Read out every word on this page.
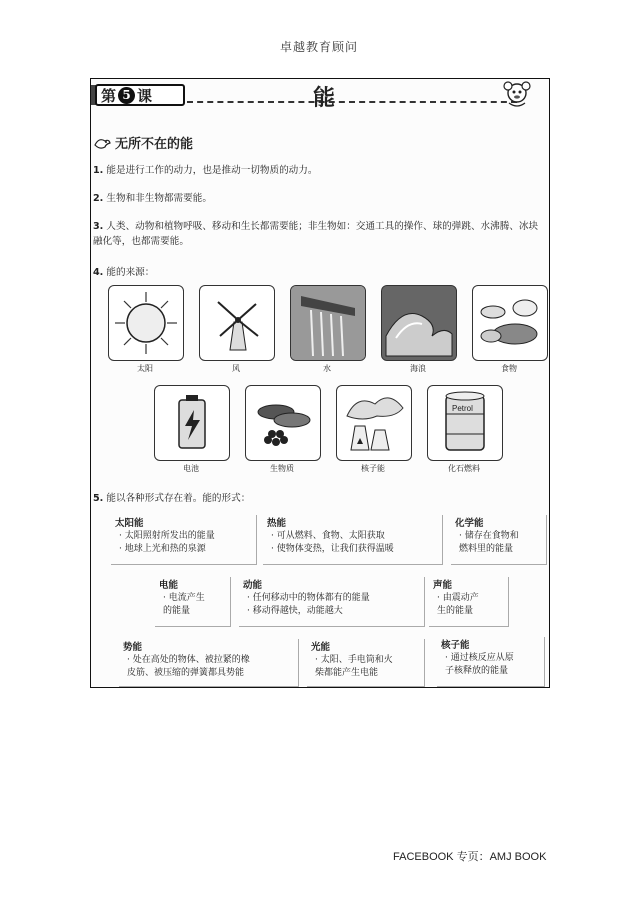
卓越教育顾问
第 5 课	能
无所不在的能
1. 能是进行工作的动力，也是推动一切物质的动力。
2. 生物和非生物都需要能。
3. 人类、动物和植物呼吸、移动和生长都需要能；非生物如：交通工具的操作、球的弹跳、水沸腾、冰块融化等，也都需要能。
4. 能的来源：
太阳	风	水	海浪	食物
电池	生物质	核子能
Petrol
化石燃料
5. 能以各种形式存在着。能的形式：
太阳能
· 太阳照射所发出的能量
· 地球上光和热的泉源
热能
· 可从燃料、食物、太阳获取
· 使物体变热，让我们获得温暖
化学能
· 储存在食物和
燃料里的能量
电能
· 电流产生
的能量
动能
· 任何移动中的物体都有的能量
· 移动得越快，动能越大
声能
· 由震动产
生的能量
势能
· 处在高处的物体、被拉紧的橡
皮筋、被压缩的弹簧都具势能
光能
· 太阳、手电筒和火
柴都能产生电能
核子能
· 通过核反应从原
子核释放的能量
FACEBOOK 专页：AMJ BOOK
